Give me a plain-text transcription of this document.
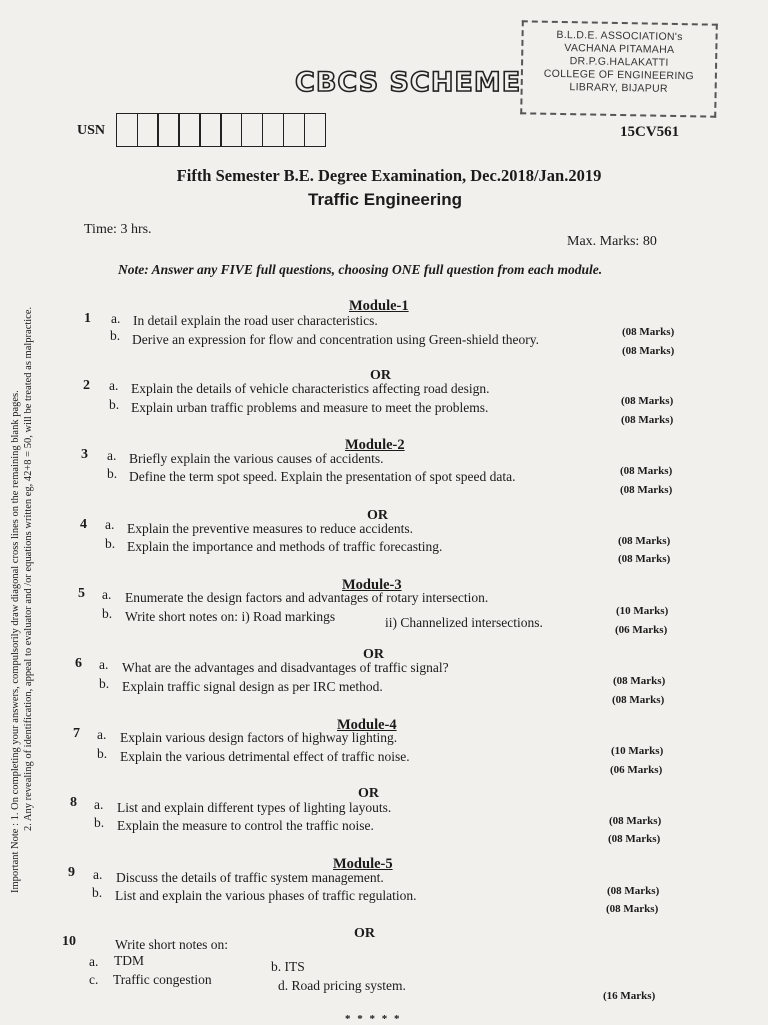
B.L.D.E. ASSOCIATION's
VACHANA PITAMAHA
DR.P.G.HALAKATTI
COLLEGE OF ENGINEERING
LIBRARY, BIJAPUR
CBCS SCHEME
USN	15CV561
Fifth Semester B.E. Degree Examination, Dec.2018/Jan.2019
Traffic Engineering
Time: 3 hrs.
Max. Marks: 80
Note: Answer any FIVE full questions, choosing ONE full question from each module.
Module-1
1 a. In detail explain the road user characteristics.
(08 Marks)
b. Derive an expression for flow and concentration using Green-shield theory.
(08 Marks)
OR
2 a. Explain the details of vehicle characteristics affecting road design.
(08 Marks)
b. Explain urban traffic problems and measure to meet the problems.
(08 Marks)
Module-2
3 a. Briefly explain the various causes of accidents.
(08 Marks)
b. Define the term spot speed. Explain the presentation of spot speed data.
(08 Marks)
OR
4 a. Explain the preventive measures to reduce accidents.
(08 Marks)
b. Explain the importance and methods of traffic forecasting.
(08 Marks)
Module-3
5 a. Enumerate the design factors and advantages of rotary intersection.
(10 Marks)
b. Write short notes on: i) Road markings	ii) Channelized intersections.	(06 Marks)
OR
6 a. What are the advantages and disadvantages of traffic signal?
(08 Marks)
b. Explain traffic signal design as per IRC method.
(08 Marks)
Module-4
7 a. Explain various design factors of highway lighting.
(10 Marks)
b. Explain the various detrimental effect of traffic noise.
(06 Marks)
OR
8 a. List and explain different types of lighting layouts.
(08 Marks)
b. Explain the measure to control the traffic noise.
(08 Marks)
Module-5
9 a. Discuss the details of traffic system management.
(08 Marks)
b. List and explain the various phases of traffic regulation.
(08 Marks)
OR
10	Write short notes on:
a. TDM	b. ITS
c. Traffic congestion	d. Road pricing system.
(16 Marks)
* * * * *
Important Note : 1. On completing your answers, compulsorily draw diagonal cross lines on the remaining blank pages. 2. Any revealing of identification, appeal to evaluator and /or equations written eg, 42+8 = 50, will be treated as malpractice.
